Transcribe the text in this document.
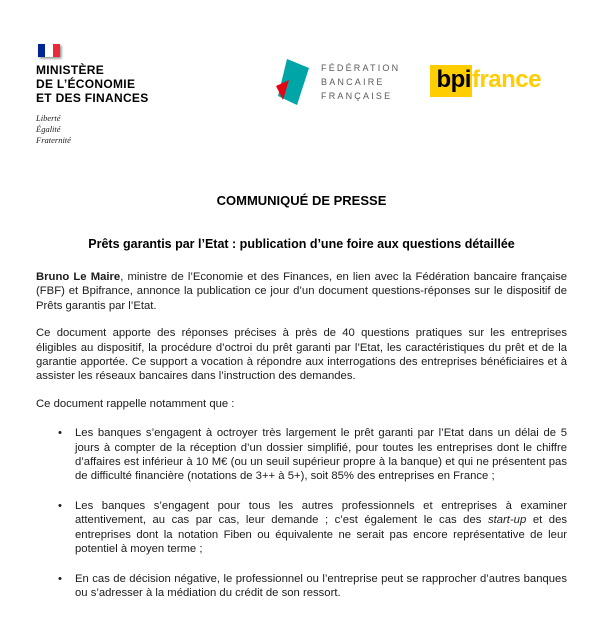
MINISTÈRE
DE L’ÉCONOMIE
ET DES FINANCES
Liberté
Égalité
Fraternité
FÉDÉRATION
BANCAIRE
FRANÇAISE
bpi france
COMMUNIQUÉ DE PRESSE
Prêts garantis par l’Etat : publication d’une foire aux questions détaillée

Bruno Le Maire, ministre de l’Economie et des Finances, en lien avec la Fédération bancaire française (FBF) et Bpifrance, annonce la publication ce jour d’un document questions-réponses sur le dispositif de Prêts garantis par l’Etat.

Ce document apporte des réponses précises à près de 40 questions pratiques sur les entreprises éligibles au dispositif, la procédure d’octroi du prêt garanti par l’Etat, les caractéristiques du prêt et de la garantie apportée. Ce support a vocation à répondre aux interrogations des entreprises bénéficiaires et à assister les réseaux bancaires dans l’instruction des demandes.

Ce document rappelle notamment que :

• Les banques s’engagent à octroyer très largement le prêt garanti par l’Etat dans un délai de 5 jours à compter de la réception d’un dossier simplifié, pour toutes les entreprises dont le chiffre d’affaires est inférieur à 10 M€ (ou un seuil supérieur propre à la banque) et qui ne présentent pas de difficulté financière (notations de 3++ à 5+), soit 85% des entreprises en France ;
• Les banques s’engagent pour tous les autres professionnels et entreprises à examiner attentivement, au cas par cas, leur demande ; c’est également le cas des start-up et des entreprises dont la notation Fiben ou équivalente ne serait pas encore représentative de leur potentiel à moyen terme ;
• En cas de décision négative, le professionnel ou l’entreprise peut se rapprocher d’autres banques ou s’adresser à la médiation du crédit de son ressort.
